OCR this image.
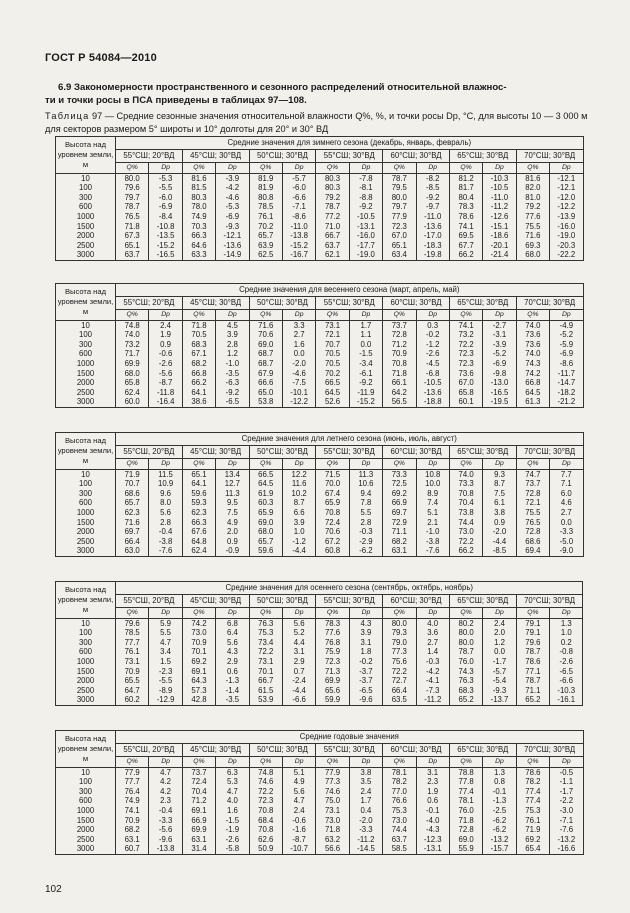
ГОСТ Р 54084—2010
6.9 Закономерности пространственного и сезонного распределений относительной влажнос-
ти и точки росы в ПСА приведены в таблицах 97—108.
Таблица 97 — Средние сезонные значения относительной влажности Q%, %, и точки росы Dр, °С, для высоты 10 — 3 000 м для секторов размером 5° широты и 10° долготы для 20° и 30° ВД
Высота над уровнем земли, м	Средние значения для зимнего сезона (декабрь, январь, февраль)													
	55°СШ; 20°ВД		45°СШ; 30°ВД		50°СШ; 30°ВД		55°СШ; 30°ВД		60°СШ; 30°ВД		65°СШ; 30°ВД		70°СШ; 30°ВД	
	Q%	Dр	Q%	Dр	Q%	Dр	Q%	Dр	Q%	Dр	Q%	Dр	Q%	Dр
10	80.0	-5.3	81.6	-3.9	81.9	-5.7	80.3	-7.8	78.7	-8.2	81.2	-10.3	81.6	-12.1
100	79.6	-5.5	81.5	-4.2	81.9	-6.0	80.3	-8.1	79.5	-8.5	81.7	-10.5	82.0	-12.1
300	79.7	-6.0	80.3	-4.6	80.8	-6.6	79.2	-8.8	80.0	-9.2	80.4	-11.0	81.0	-12.0
600	78.7	-6.9	78.0	-5.3	78.5	-7.1	78.7	-9.2	79.7	-9.7	78.3	-11.2	79.2	-12.2
1000	76.5	-8.4	74.9	-6.9	76.1	-8.6	77.2	-10.5	77.9	-11.0	78.6	-12.6	77.6	-13.9
1500	71.8	-10.8	70.3	-9.3	70.2	-11.0	71.0	-13.1	72.3	-13.6	74.1	-15.1	75.5	-16.0
2000	67.3	-13.5	66.3	-12.1	65.7	-13.8	66.7	-16.0	67.0	-17.0	69.5	-18.6	71.6	-19.0
2500	65.1	-15.2	64.6	-13.6	63.9	-15.2	63.7	-17.7	65.1	-18.3	67.7	-20.1	69.3	-20.3
3000	63.7	-16.5	63.3	-14.9	62.5	-16.7	62.1	-19.0	63.4	-19.8	66.2	-21.4	68.0	-22.2
Высота над уровнем земли, м	Средние значения для весеннего сезона (март, апрель, май)													
	55°СШ; 20°ВД		45°СШ; 30°ВД		50°СШ; 30°ВД		55°СШ; 30°ВД		60°СШ; 30°ВД		65°СШ; 30°ВД		70°СШ; 30°ВД	
	Q%	Dр	Q%	Dр	Q%	Dр	Q%	Dр	Q%	Dр	Q%	Dр	Q%	Dр
10	74.8	2.4	71.8	4.5	71.6	3.3	73.1	1.7	73.7	0.3	74.1	-2.7	74.0	-4.9
100	74.0	1.9	70.5	3.9	70.6	2.7	72.1	1.1	72.8	-0.2	73.2	-3.1	73.6	-5.2
300	73.2	0.9	68.3	2.8	69.0	1.6	70.7	0.0	71.2	-1.2	72.2	-3.9	73.6	-5.9
600	71.7	-0.6	67.1	1.2	68.7	0.0	70.5	-1.5	70.9	-2.6	72.3	-5.2	74.0	-6.9
1000	69.9	-2.6	68.2	-1.0	68.7	-2.0	70.5	-3.4	70.8	-4.5	72.3	-6.9	74.3	-8.6
1500	68.0	-5.6	66.8	-3.5	67.9	-4.6	70.2	-6.1	71.8	-6.8	73.6	-9.8	74.2	-11.7
2000	65.8	-8.7	66.2	-6.3	66.6	-7.5	66.5	-9.2	66.1	-10.5	67.0	-13.0	66.8	-14.7
2500	62.4	-11.8	64.1	-9.2	65.0	-10.1	64.5	-11.9	64.2	-13.6	65.8	-16.5	64.5	-18.2
3000	60.0	-16.4	38.6	-6.5	53.8	-12.2	52.6	-15.2	56.5	-18.8	60.1	-19.5	61.3	-21.2
Высота над уровнем земли, м	Средние значения для летнего сезона (июнь, июль, август)													
	55°СШ, 20°ВД		45°СШ; 30°ВД		50°СШ; 30°ВД		55°СШ; 30°ВД		60°СШ; 30°ВД		65°СШ; 30°ВД		70°СШ; 30°ВД	
	Q%	Dр	Q%	Dр	Q%	Dр	Q%	Dр	Q%	Dр	Q%	Dр	Q%	Dр
10	71.9	11.5	65.1	13.4	66.5	12.2	71.5	11.3	73.3	10.8	74.0	9.3	74.7	7.7
100	70.7	10.9	64.1	12.7	64.5	11.6	70.0	10.6	72.5	10.0	73.3	8.7	73.7	7.1
300	68.6	9.6	59.6	11.3	61.9	10.2	67.4	9.4	69.2	8.9	70.8	7.5	72.8	6.0
600	65.7	8.0	59.3	9.5	60.3	8.7	65.9	7.8	66.9	7.4	70.4	6.1	72.1	4.6
1000	62.3	5.6	62.3	7.5	65.9	6.6	70.8	5.5	69.7	5.1	73.8	3.8	75.5	2.7
1500	71.6	2.8	66.3	4.9	69.0	3.9	72.4	2.8	72.9	2.1	74.4	0.9	76.5	0.0
2000	69.7	-0.4	67.6	2.0	68.0	1.0	70.6	-0.3	71.1	-1.0	73.0	-2.0	72.8	-3.3
2500	66.4	-3.8	64.8	0.9	65.7	-1.2	67.2	-2.9	68.2	-3.8	72.2	-4.4	68.6	-5.0
3000	63.0	-7.6	62.4	-0.9	59.6	-4.4	60.8	-6.2	63.1	-7.6	66.2	-8.5	69.4	-9.0
Высота над уровнем земли, м	Средние значения для осеннего сезона (сентябрь, октябрь, ноябрь)													
	55°СШ, 20°ВД		45°СШ; 30°ВД		50°СШ; 30°ВД		55°СШ; 30°ВД		60°СШ; 30°ВД		65°СШ; 30°ВД		70°СШ; 30°ВД	
	Q%	Dр	Q%	Dр	Q%	Dр	Q%	Dр	Q%	Dр	Q%	Dр	Q%	Dр
10	79.6	5.9	74.2	6.8	76.3	5.6	78.3	4.3	80.0	4.0	80.2	2.4	79.1	1.3
100	78.5	5.5	73.0	6.4	75.3	5.2	77.6	3.9	79.3	3.6	80.0	2.0	79.1	1.0
300	77.7	4.7	70.9	5.6	73.4	4.4	76.8	3.1	79.0	2.7	80.0	1.2	79.6	0.2
600	76.1	3.4	70.1	4.3	72.2	3.1	75.9	1.8	77.3	1.4	78.7	0.0	78.7	-0.8
1000	73.1	1.5	69.2	2.9	73.1	2.9	72.3	-0.2	75.6	-0.3	76.0	-1.7	78.6	-2.6
1500	70.9	-2.3	69.1	0.6	70.1	0.7	71.3	-3.7	72.2	-4.2	74.3	-5.7	77.1	-6.5
2000	65.5	-5.5	64.3	-1.3	66.7	-2.4	69.9	-3.7	72.7	-4.1	76.3	-5.4	78.7	-6.6
2500	64.7	-8.9	57.3	-1.4	61.5	-4.4	65.6	-6.5	66.4	-7.3	68.3	-9.3	71.1	-10.3
3000	60.2	-12.9	42.8	-3.5	53.9	-6.6	59.9	-9.6	63.5	-11.2	65.2	-13.7	65.2	-16.1
Высота над уровнем земли, м	Средние годовые значения													
	55°СШ, 20°ВД		45°СШ; 30°ВД		50°СШ; 30°ВД		55°СШ; 30°ВД		60°СШ; 30°ВД		65°СШ; 30°ВД		70°СШ; 30°ВД	
	Q%	Dр	Q%	Dр	Q%	Dр	Q%	Dр	Q%	Dр	Q%	Dр	Q%	Dр
10	77.9	4.7	73.7	6.3	74.8	5.1	77.9	3.8	78.1	3.1	78.8	1.3	78.6	-0.5
100	77.7	4.2	72.4	5.3	74.6	4.9	77.3	3.5	78.2	2.3	77.8	0.8	78.2	-1.1
300	76.4	4.2	70.4	4.7	72.2	5.6	74.6	2.4	77.0	1.9	77.4	-0.1	77.4	-1.7
600	74.9	2.3	71.2	4.0	72.3	4.7	75.0	1.7	76.6	0.6	78.1	-1.3	77.4	-2.2
1000	74.1	-0.4	69.1	1.6	70.8	2.4	73.1	0.4	75.3	-0.1	76.0	-2.5	75.3	-3.0
1500	70.9	-3.3	66.9	-1.5	68.4	-0.6	73.0	-2.0	73.0	-4.0	71.8	-6.2	76.1	-7.1
2000	68.2	-5.6	69.9	-1.9	70.8	-1.6	71.8	-3.3	74.4	-4.3	72.8	-6.2	71.9	-7.6
2500	63.1	-9.6	63.1	-2.6	62.6	-8.7	63.2	-11.2	63.7	-12.3	69.0	-13.2	69.2	-13.2
3000	60.7	-13.8	31.4	-5.8	50.9	-10.7	56.6	-14.5	58.5	-13.1	55.9	-15.7	65.4	-16.6
102
